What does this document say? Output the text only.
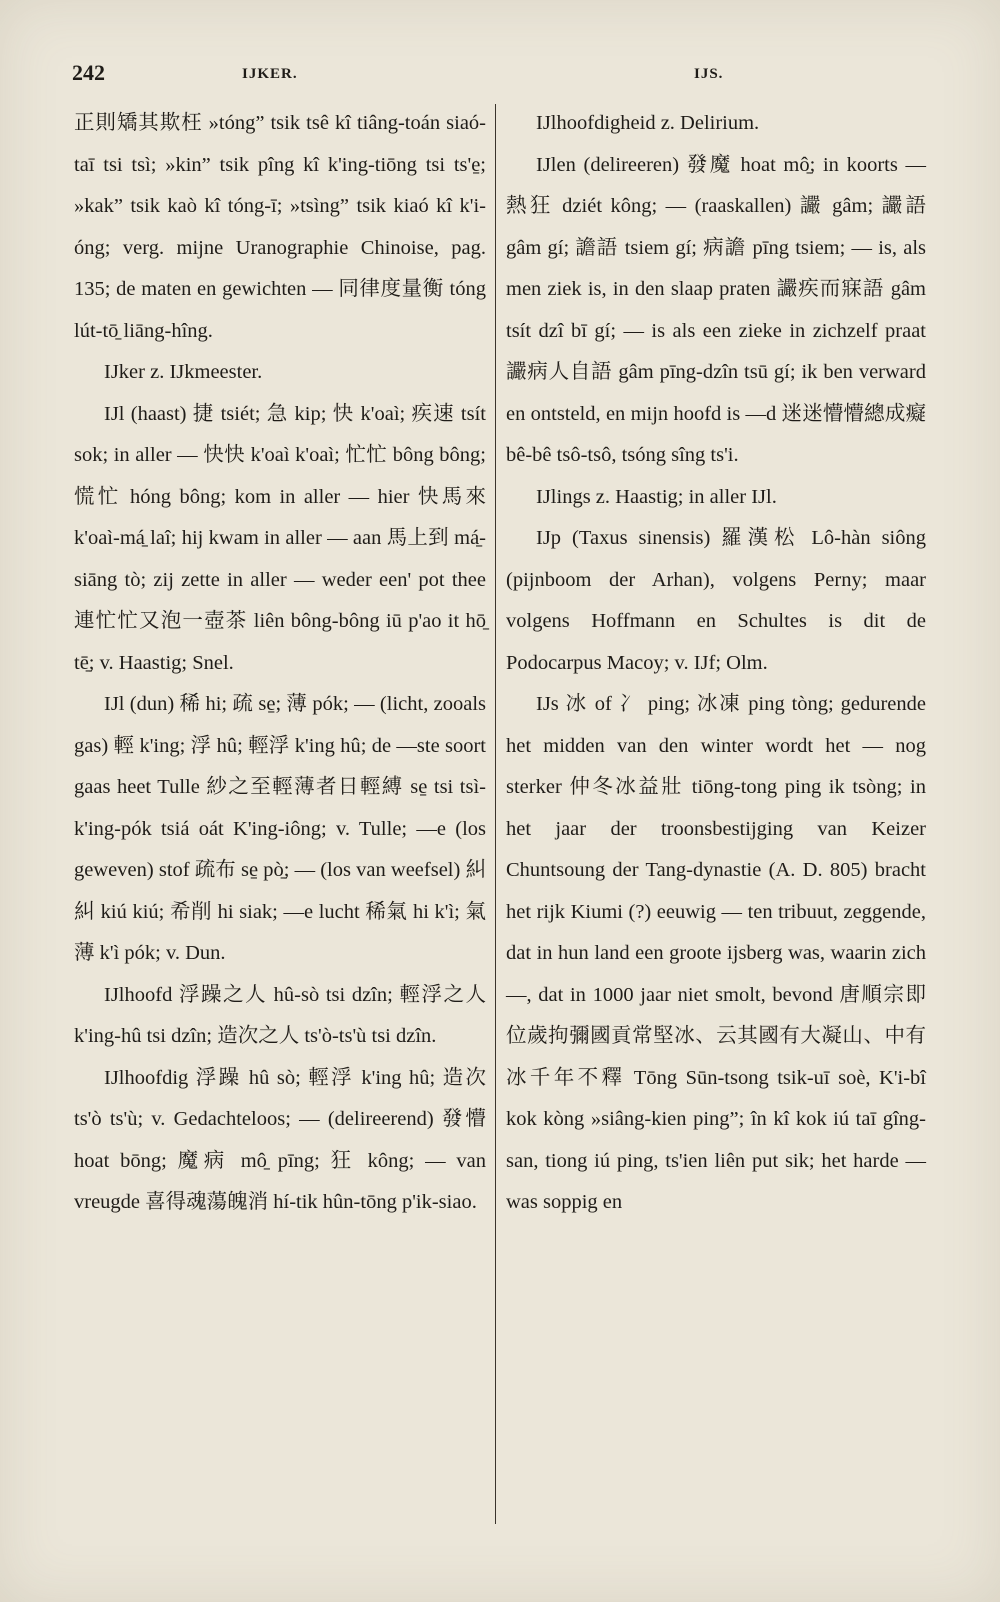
242	IJKER.	IJS.

正則矯其欺枉 »tóng” tsik tsê kî tiâng-toán siaó-taī tsi tsì; »kin” tsik pîng kî k'ing-tiōng tsi ts'e̱; »kak” tsik kaò kî tóng-ī; »tsìng” tsik kiaó kî k'i-óng; verg. mijne Uranographie Chinoise, pag. 135; de maten en gewichten — 同律度量衡 tóng lút-tō̱ liāng-hîng.

IJker z. IJkmeester.

IJl (haast) 捷 tsiét; 急 kip; 快 k'oaì; 疾速 tsít sok; in aller — 快快 k'oaì k'oaì; 忙忙 bông bông; 慌忙 hóng bông; kom in aller — hier 快馬來 k'oaì-má̱ laî; hij kwam in aller — aan 馬上到 má̱-siāng tò; zij zette in aller — weder een' pot thee 連忙忙又泡一壺茶 liên bông-bông iū p'ao it hō̱ tē̱; v. Haastig; Snel.

IJl (dun) 稀 hi; 疏 se̱; 薄 pók; — (licht, zooals gas) 輕 k'ing; 浮 hû; 輕浮 k'ing hû; de —ste soort gaas heet Tulle 紗之至輕薄者日輕縛 se̱ tsi tsì-k'ing-pók tsiá oát K'ing-iông; v. Tulle; —e (los geweven) stof 疏布 se̱ pò̱; — (los van weefsel) 糾糾 kiú kiú; 希削 hi siak; —e lucht 稀氣 hi k'ì; 氣薄 k'ì pók; v. Dun.

IJlhoofd 浮躁之人 hû-sò tsi dzîn; 輕浮之人 k'ing-hû tsi dzîn; 造次之人 ts'ò-ts'ù tsi dzîn.

IJlhoofdig 浮躁 hû sò; 輕浮 k'ing hû; 造次 ts'ò ts'ù; v. Gedachteloos; — (delireerend) 發懵 hoat bōng; 魔病 mô̱ pīng; 狂 kông; — van vreugde 喜得魂蕩魄消 hí-tik hûn-tōng p'ik-siao.

IJlhoofdigheid z. Delirium.

IJlen (delireeren) 發魔 hoat mô̱; in koorts — 熱狂 dziét kông; — (raaskallen) 讝 gâm; 讝語 gâm gí; 譫語 tsiem gí; 病譫 pīng tsiem; — is, als men ziek is, in den slaap praten 讝疾而寐語 gâm tsít dzî bī gí; — is als een zieke in zichzelf praat 讝病人自語 gâm pīng-dzîn tsū gí; ik ben verward en ontsteld, en mijn hoofd is —d 迷迷懵懵總成癡 bê-bê tsô-tsô, tsóng sîng ts'i.

IJlings z. Haastig; in aller IJl.

IJp (Taxus sinensis) 羅漢松 Lô-hàn siông (pijnboom der Arhan), volgens Perny; maar volgens Hoffmann en Schultes is dit de Podocarpus Macoy; v. IJf; Olm.

IJs 冰 of 冫 ping; 冰凍 ping tòng; gedurende het midden van den winter wordt het — nog sterker 仲冬冰益壯 tiōng-tong ping ik tsòng; in het jaar der troonsbestijging van Keizer Chuntsoung der Tang-dynastie (A. D. 805) bracht het rijk Kiumi (?) eeuwig — ten tribuut, zeggende, dat in hun land een groote ijsberg was, waarin zich —, dat in 1000 jaar niet smolt, bevond 唐順宗即位歲拘彌國貢常堅冰、云其國有大凝山、中有冰千年不釋 Tōng Sūn-tsong tsik-uī soè, K'i-bî kok kòng »siâng-kien ping”; în kî kok iú taī gîng-san, tiong iú ping, ts'ien liên put sik; het harde — was soppig en
